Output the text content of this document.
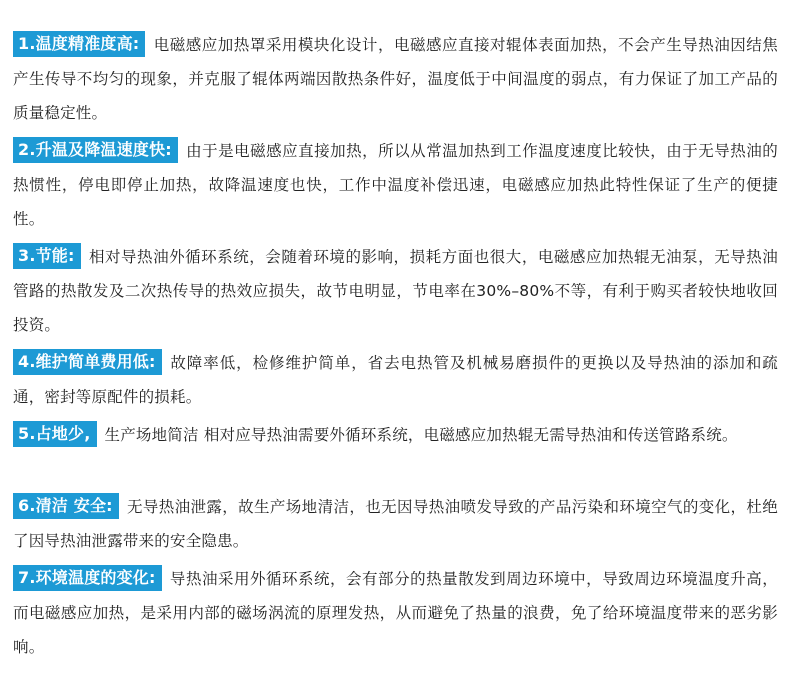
1.温度精准度高: 电磁感应加热罩采用模块化设计，电磁感应直接对辊体表面加热，不会产生导热油因结焦产生传导不均匀的现象，并克服了辊体两端因散热条件好，温度低于中间温度的弱点，有力保证了加工产品的质量稳定性。
2.升温及降温速度快: 由于是电磁感应直接加热，所以从常温加热到工作温度速度比较快，由于无导热油的热惯性，停电即停止加热，故降温速度也快，工作中温度补偿迅速，电磁感应加热此特性保证了生产的便捷性。
3.节能: 相对导热油外循环系统，会随着环境的影响，损耗方面也很大，电磁感应加热辊无油泵，无导热油管路的热散发及二次热传导的热效应损失，故节电明显，节电率在30%–80%不等，有利于购买者较快地收回投资。
4.维护简单费用低: 故障率低，检修维护简单，省去电热管及机械易磨损件的更换以及导热油的添加和疏通，密封等原配件的损耗。
5.占地少, 生产场地简洁 相对应导热油需要外循环系统，电磁感应加热辊无需导热油和传送管路系统。
6.清洁 安全: 无导热油泄露，故生产场地清洁，也无因导热油喷发导致的产品污染和环境空气的变化，杜绝了因导热油泄露带来的安全隐患。
7.环境温度的变化: 导热油采用外循环系统，会有部分的热量散发到周边环境中，导致周边环境温度升高，而电磁感应加热，是采用内部的磁场涡流的原理发热，从而避免了热量的浪费，免了给环境温度带来的恶劣影响。
